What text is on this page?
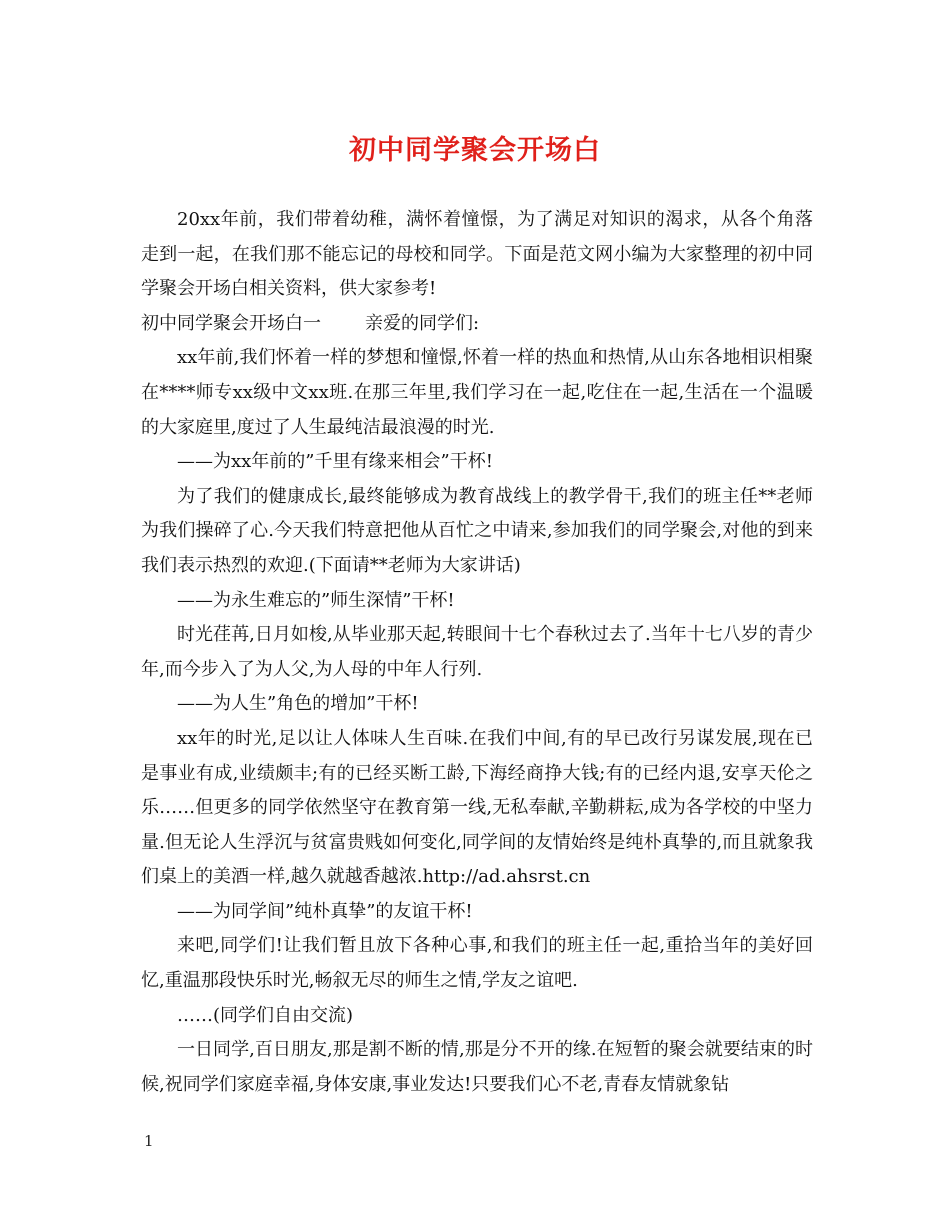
初中同学聚会开场白

20xx年前，我们带着幼稚，满怀着憧憬，为了满足对知识的渴求，从各个角落走到一起，在我们那不能忘记的母校和同学。下面是范文网小编为大家整理的初中同学聚会开场白相关资料，供大家参考!

初中同学聚会开场白一 亲爱的同学们:

xx年前,我们怀着一样的梦想和憧憬,怀着一样的热血和热情,从山东各地相识相聚在****师专xx级中文xx班.在那三年里,我们学习在一起,吃住在一起,生活在一个温暖的大家庭里,度过了人生最纯洁最浪漫的时光.

——为xx年前的”千里有缘来相会”干杯!

为了我们的健康成长,最终能够成为教育战线上的教学骨干,我们的班主任**老师为我们操碎了心.今天我们特意把他从百忙之中请来,参加我们的同学聚会,对他的到来我们表示热烈的欢迎.(下面请**老师为大家讲话)

——为永生难忘的”师生深情”干杯!

时光荏苒,日月如梭,从毕业那天起,转眼间十七个春秋过去了.当年十七八岁的青少年,而今步入了为人父,为人母的中年人行列.

——为人生”角色的增加”干杯!

xx年的时光,足以让人体味人生百味.在我们中间,有的早已改行另谋发展,现在已是事业有成,业绩颇丰;有的已经买断工龄,下海经商挣大钱;有的已经内退,安享天伦之乐……但更多的同学依然坚守在教育第一线,无私奉献,辛勤耕耘,成为各学校的中坚力量.但无论人生浮沉与贫富贵贱如何变化,同学间的友情始终是纯朴真挚的,而且就象我们桌上的美酒一样,越久就越香越浓.http://ad.ahsrst.cn

——为同学间”纯朴真挚”的友谊干杯!

来吧,同学们!让我们暂且放下各种心事,和我们的班主任一起,重拾当年的美好回忆,重温那段快乐时光,畅叙无尽的师生之情,学友之谊吧.

……(同学们自由交流)

一日同学,百日朋友,那是割不断的情,那是分不开的缘.在短暂的聚会就要结束的时候,祝同学们家庭幸福,身体安康,事业发达!只要我们心不老,青春友情就象钻

1
